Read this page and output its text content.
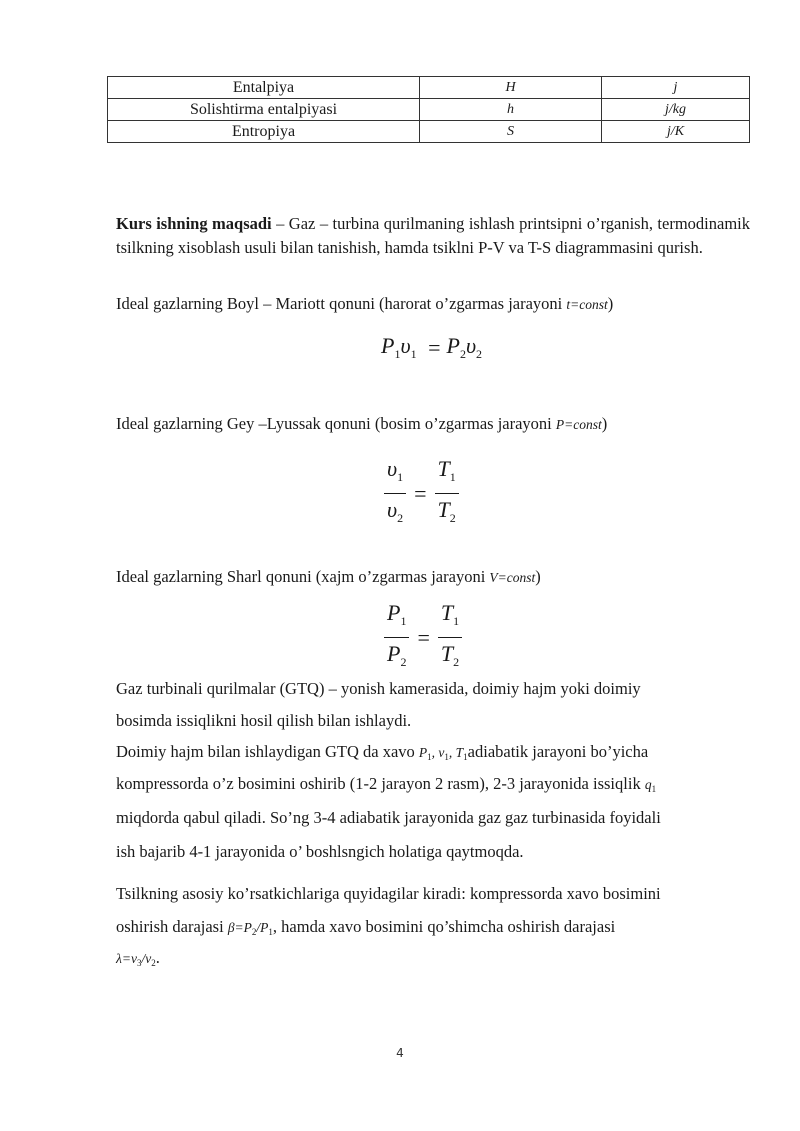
Entalpiya	H	j
Solishtirma entalpiyasi	h	j/kg
Entropiya	S	j/K
Kurs ishning maqsadi – Gaz – turbina qurilmaning ishlash printsipni o’rganish, termodinamik tsilkning xisoblash usuli bilan tanishish, hamda tsiklni P-V va T-S diagrammasini qurish.
Ideal gazlarning Boyl – Mariott qonuni (harorat o’zgarmas jarayoni t=const)
$P_1\upsilon_1 = P_2\upsilon_2$
Ideal gazlarning Gey –Lyussak qonuni (bosim o’zgarmas jarayoni P=const)
$\frac{\upsilon_1}{\upsilon_2} = \frac{T_1}{T_2}$
Ideal gazlarning Sharl qonuni (xajm o’zgarmas jarayoni V=const)
$\frac{P_1}{P_2} = \frac{T_1}{T_2}$
Gaz turbinali qurilmalar (GTQ) – yonish kamerasida, doimiy hajm yoki doimiy
bosimda issiqlikni hosil qilish bilan ishlaydi.
Doimiy hajm bilan ishlaydigan GTQ da xavo $P_1$, $v_1$, $T_1adiabatik$ jarayoni bo’yicha
kompressorda o’z bosimini oshirib (1-2 jarayon 2 rasm), 2-3 jarayonida issiqlik $q_1$
miqdorda qabul qiladi. So’ng 3-4 adiabatik jarayonida gaz gaz turbinasida foyidali
ish bajarib 4-1 jarayonida o’ boshlsngich holatiga qaytmoqda.
Tsilkning asosiy ko’rsatkichlariga quyidagilar kiradi: kompressorda xavo bosimini
oshirish darajasi $\beta=P_2/P_1$, hamda xavo bosimini qo’shimcha oshirish darajasi
$\lambda=v_3/v_2$.
4
